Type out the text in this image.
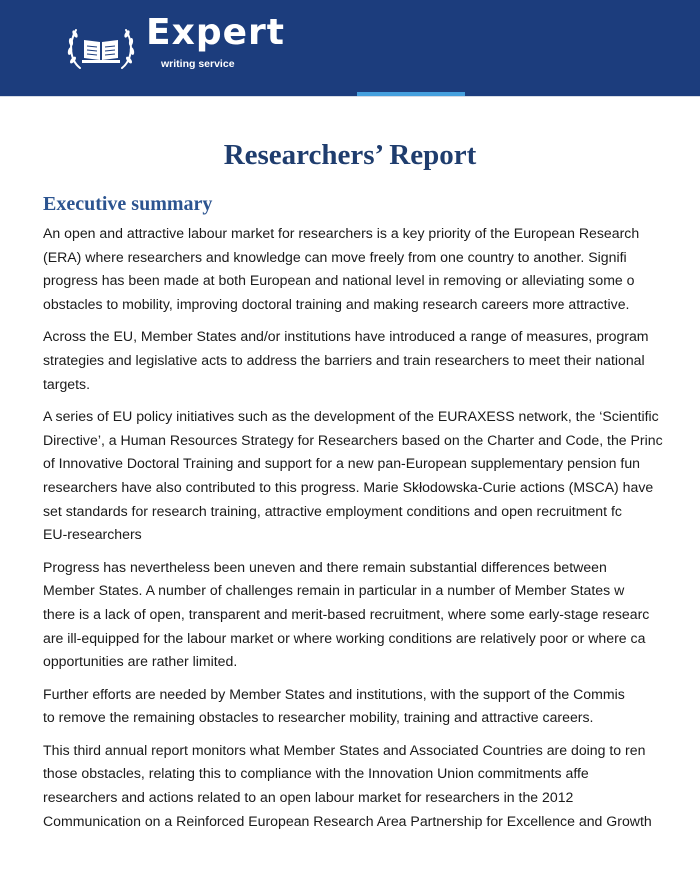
Expert
writing service
Researchers’ Report
Executive summary

An open and attractive labour market for researchers is a key priority of the European Research
(ERA) where researchers and knowledge can move freely from one country to another. Signifi
progress has been made at both European and national level in removing or alleviating some o
obstacles to mobility, improving doctoral training and making research careers more attractive.

Across the EU, Member States and/or institutions have introduced a range of measures, program
strategies and legislative acts to address the barriers and train researchers to meet their national
targets.

A series of EU policy initiatives such as the development of the EURAXESS network, the ‘Scientific
Directive’, a Human Resources Strategy for Researchers based on the Charter and Code, the Princ
of Innovative Doctoral Training and support for a new pan-European supplementary pension fun
researchers have also contributed to this progress. Marie Skłodowska-Curie actions (MSCA) have
set standards for research training, attractive employment conditions and open recruitment fc
EU-researchers

Progress has nevertheless been uneven and there remain substantial differences between
Member States. A number of challenges remain in particular in a number of Member States w
there is a lack of open, transparent and merit-based recruitment, where some early-stage researc
are ill-equipped for the labour market or where working conditions are relatively poor or where ca
opportunities are rather limited.

Further efforts are needed by Member States and institutions, with the support of the Commis
to remove the remaining obstacles to researcher mobility, training and attractive careers.

This third annual report monitors what Member States and Associated Countries are doing to ren
those obstacles, relating this to compliance with the Innovation Union commitments affe
researchers and actions related to an open labour market for researchers in the 2012
Communication on a Reinforced European Research Area Partnership for Excellence and Growth
